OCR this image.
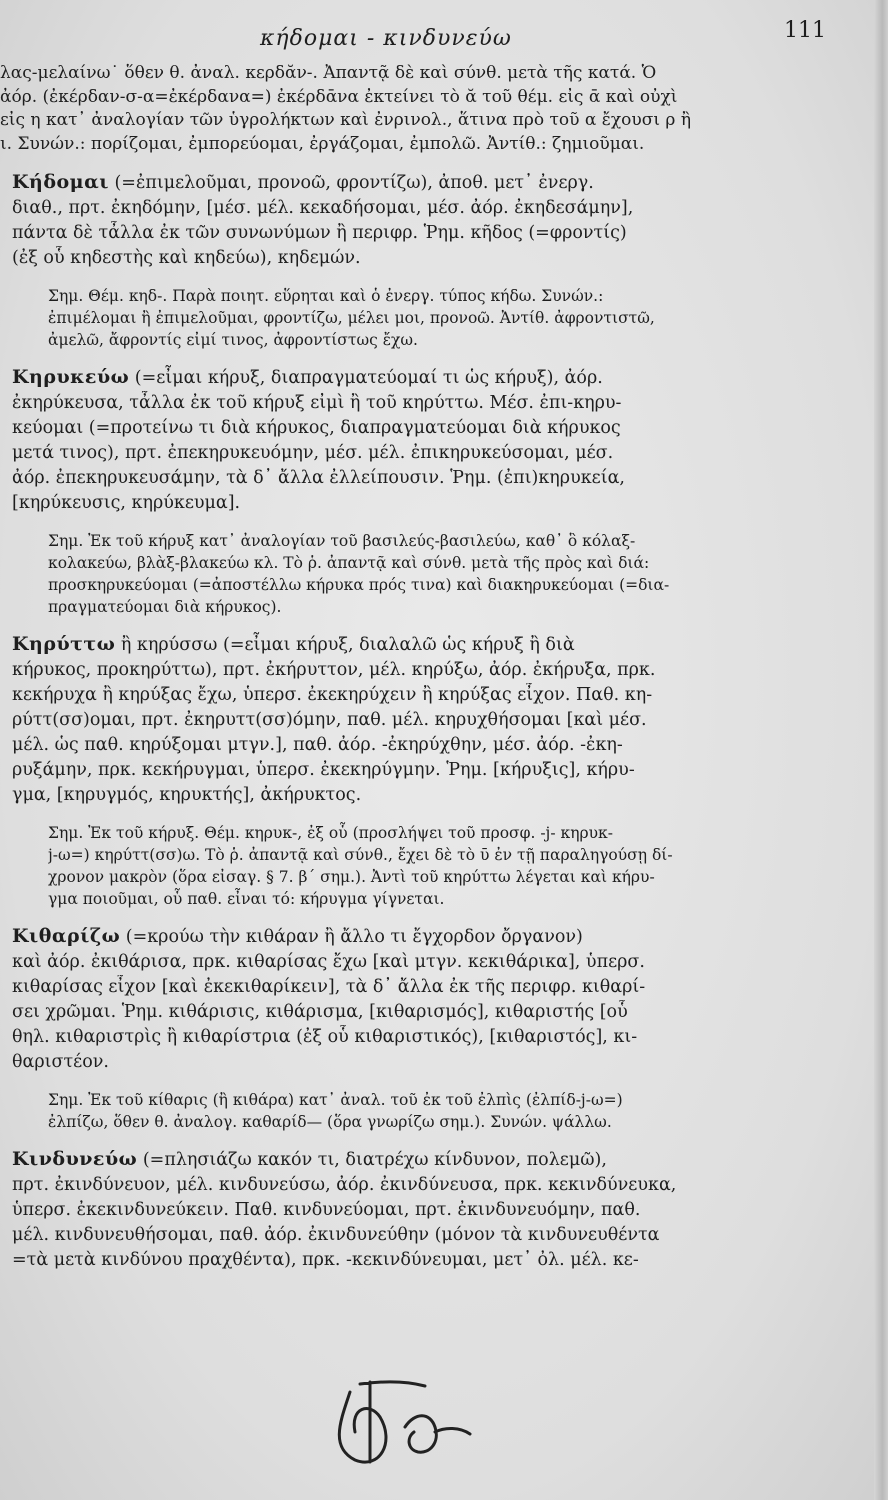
κήδομαι - κινδυνεύω	111
λας-μελαίνω˙ ὅθεν θ. ἀναλ. κερδᾰν-. Ἀπαντᾷ δὲ καὶ σύνθ. μετὰ τῆς κατά. Ὁ
ἀόρ. (ἐκέρδαν-σ-α=ἐκέρδανα=) ἐκέρδᾱνα ἐκτείνει τὸ ᾰ τοῦ θέμ. εἰς ᾱ καὶ οὐχὶ
εἰς η κατ᾽ ἀναλογίαν τῶν ὑγρολήκτων καὶ ἐνρινολ., ἅτινα πρὸ τοῦ α ἔχουσι ρ ἢ
ι. Συνών.: πορίζομαι, ἐμπορεύομαι, ἐργάζομαι, ἐμπολῶ. Ἀντίθ.: ζημιοῦμαι.
Κήδομαι (=ἐπιμελοῦμαι, προνοῶ, φροντίζω), ἀποθ. μετ᾽ ἐνεργ.
διαθ., πρτ. ἐκηδόμην, [μέσ. μέλ. κεκαδήσομαι, μέσ. ἀόρ. ἐκηδεσάμην],
πάντα δὲ τἆλλα ἐκ τῶν συνωνύμων ἢ περιφρ. Ῥημ. κῆδος (=φροντίς)
(ἐξ οὗ κηδεστὴς καὶ κηδεύω), κηδεμών.
Σημ. Θέμ. κηδ-. Παρὰ ποιητ. εὕρηται καὶ ὁ ἐνεργ. τύπος κήδω. Συνών.:
ἐπιμέλομαι ἢ ἐπιμελοῦμαι, φροντίζω, μέλει μοι, προνοῶ. Ἀντίθ. ἀφροντιστῶ,
ἀμελῶ, ἄφροντίς εἰμί τινος, ἀφροντίστως ἔχω.
Κηρυκεύω (=εἶμαι κήρυξ, διαπραγματεύομαί τι ὡς κήρυξ), ἀόρ.
ἐκηρύκευσα, τἆλλα ἐκ τοῦ κήρυξ εἰμὶ ἢ τοῦ κηρύττω. Μέσ. ἐπι-κηρυ-
κεύομαι (=προτείνω τι διὰ κήρυκος, διαπραγματεύομαι διὰ κήρυκος
μετά τινος), πρτ. ἐπεκηρυκευόμην, μέσ. μέλ. ἐπικηρυκεύσομαι, μέσ.
ἀόρ. ἐπεκηρυκευσάμην, τὰ δ᾽ ἄλλα ἐλλείπουσιν. Ῥημ. (ἐπι)κηρυκεία,
[κηρύκευσις, κηρύκευμα].
Σημ. Ἐκ τοῦ κήρυξ κατ᾽ ἀναλογίαν τοῦ βασιλεύς-βασιλεύω, καθ᾽ ὃ κόλαξ-
κολακεύω, βλὰξ-βλακεύω κλ. Τὸ ῥ. ἀπαντᾷ καὶ σύνθ. μετὰ τῆς πρὸς καὶ διά:
προσκηρυκεύομαι (=ἀποστέλλω κήρυκα πρός τινα) καὶ διακηρυκεύομαι (=δια-
πραγματεύομαι διὰ κήρυκος).
Κηρύττω ἢ κηρύσσω (=εἶμαι κήρυξ, διαλαλῶ ὡς κήρυξ ἢ διὰ
κήρυκος, προκηρύττω), πρτ. ἐκήρυττον, μέλ. κηρύξω, ἀόρ. ἐκήρυξα, πρκ.
κεκήρυχα ἢ κηρύξας ἔχω, ὑπερσ. ἐκεκηρύχειν ἢ κηρύξας εἶχον. Παθ. κη-
ρύττ(σσ)ομαι, πρτ. ἐκηρυττ(σσ)όμην, παθ. μέλ. κηρυχθήσομαι [καὶ μέσ.
μέλ. ὡς παθ. κηρύξομαι μτγν.], παθ. ἀόρ. -ἐκηρύχθην, μέσ. ἀόρ. -ἐκη-
ρυξάμην, πρκ. κεκήρυγμαι, ὑπερσ. ἐκεκηρύγμην. Ῥημ. [κήρυξις], κήρυ-
γμα, [κηρυγμός, κηρυκτής], ἀκήρυκτος.
Σημ. Ἐκ τοῦ κήρυξ. Θέμ. κηρυκ-, ἐξ οὗ (προσλήψει τοῦ προσφ. -j- κηρυκ-
j-ω=) κηρύττ(σσ)ω. Τὸ ῥ. ἀπαντᾷ καὶ σύνθ., ἔχει δὲ τὸ ῡ ἐν τῇ παραληγούσῃ δί-
χρονον μακρὸν (ὅρα εἰσαγ. § 7. β´ σημ.). Ἀντὶ τοῦ κηρύττω λέγεται καὶ κήρυ-
γμα ποιοῦμαι, οὗ παθ. εἶναι τό: κήρυγμα γίγνεται.
Κιθαρίζω (=κρούω τὴν κιθάραν ἢ ἄλλο τι ἔγχορδον ὄργανον)
καὶ ἀόρ. ἐκιθάρισα, πρκ. κιθαρίσας ἔχω [καὶ μτγν. κεκιθάρικα], ὑπερσ.
κιθαρίσας εἶχον [καὶ ἐκεκιθαρίκειν], τὰ δ᾽ ἄλλα ἐκ τῆς περιφρ. κιθαρί-
σει χρῶμαι. Ῥημ. κιθάρισις, κιθάρισμα, [κιθαρισμός], κιθαριστής [οὗ
θηλ. κιθαριστρὶς ἢ κιθαρίστρια (ἐξ οὗ κιθαριστικός), [κιθαριστός], κι-
θαριστέον.
Σημ. Ἐκ τοῦ κίθαρις (ἢ κιθάρα) κατ᾽ ἀναλ. τοῦ ἐκ τοῦ ἐλπὶς (ἐλπίδ-j-ω=)
ἐλπίζω, ὅθεν θ. ἀναλογ. καθαρίδ— (ὅρα γνωρίζω σημ.). Συνών. ψάλλω.
Κινδυνεύω (=πλησιάζω κακόν τι, διατρέχω κίνδυνον, πολεμῶ),
πρτ. ἐκινδύνευον, μέλ. κινδυνεύσω, ἀόρ. ἐκινδύνευσα, πρκ. κεκινδύνευκα,
ὑπερσ. ἐκεκινδυνεύκειν. Παθ. κινδυνεύομαι, πρτ. ἐκινδυνευόμην, παθ.
μέλ. κινδυνευθήσομαι, παθ. ἀόρ. ἐκινδυνεύθην (μόνον τὰ κινδυνευθέντα
=τὰ μετὰ κινδύνου πραχθέντα), πρκ. -κεκινδύνευμαι, μετ᾽ ὀλ. μέλ. κε-
